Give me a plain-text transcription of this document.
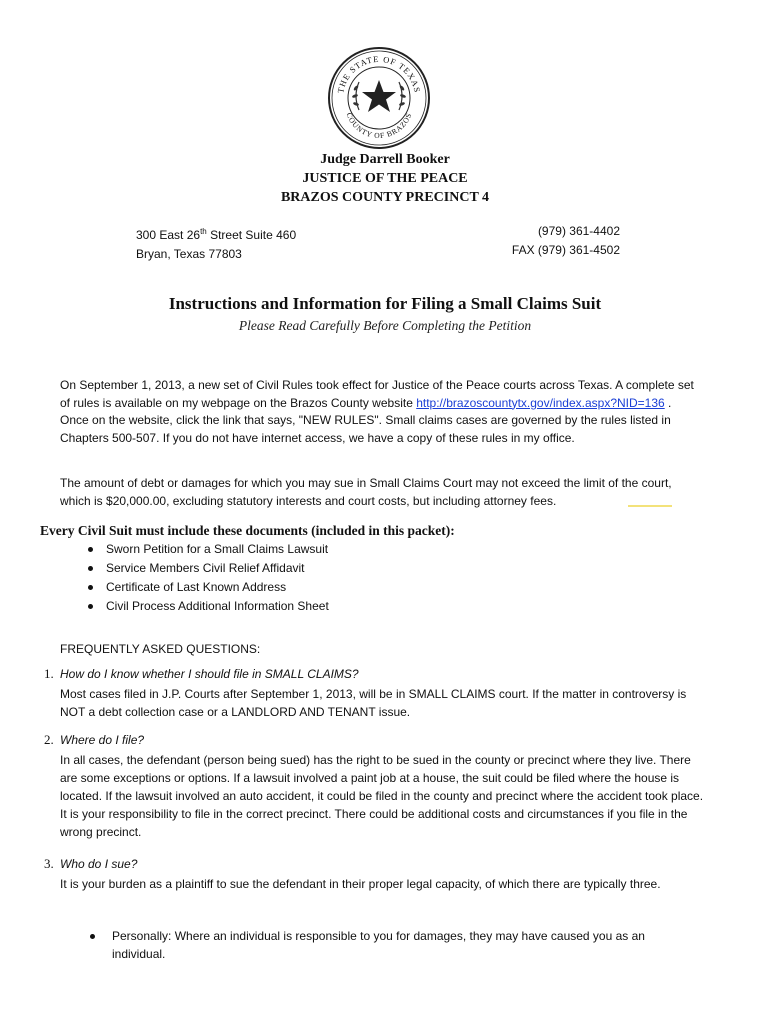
THE STATE OF TEXAS
COUNTY OF BRAZOS
Judge Darrell Booker
JUSTICE OF THE PEACE
BRAZOS COUNTY PRECINCT 4
300 East 26th Street Suite 460
Bryan, Texas 77803
(979) 361-4402
FAX (979) 361-4502
Instructions and Information for Filing a Small Claims Suit
Please Read Carefully Before Completing the Petition
On September 1, 2013, a new set of Civil Rules took effect for Justice of the Peace courts across Texas. A complete set of rules is available on my webpage on the Brazos County website http://brazoscountytx.gov/index.aspx?NID=136 . Once on the website, click the link that says, "NEW RULES". Small claims cases are governed by the rules listed in Chapters 500-507. If you do not have internet access, we have a copy of these rules in my office.
The amount of debt or damages for which you may sue in Small Claims Court may not exceed the limit of the court, which is $20,000.00, excluding statutory interests and court costs, but including attorney fees.
Every Civil Suit must include these documents (included in this packet):
Sworn Petition for a Small Claims Lawsuit
Service Members Civil Relief Affidavit
Certificate of Last Known Address
Civil Process Additional Information Sheet
FREQUENTLY ASKED QUESTIONS:
1. How do I know whether I should file in SMALL CLAIMS?
Most cases filed in J.P. Courts after September 1, 2013, will be in SMALL CLAIMS court. If the matter in controversy is NOT a debt collection case or a LANDLORD AND TENANT issue.
2. Where do I file?
In all cases, the defendant (person being sued) has the right to be sued in the county or precinct where they live. There are some exceptions or options. If a lawsuit involved a paint job at a house, the suit could be filed where the house is located. If the lawsuit involved an auto accident, it could be filed in the county and precinct where the accident took place. It is your responsibility to file in the correct precinct. There could be additional costs and circumstances if you file in the wrong precinct.
3. Who do I sue?
It is your burden as a plaintiff to sue the defendant in their proper legal capacity, of which there are typically three.
Personally: Where an individual is responsible to you for damages, they may have caused you as an individual.
